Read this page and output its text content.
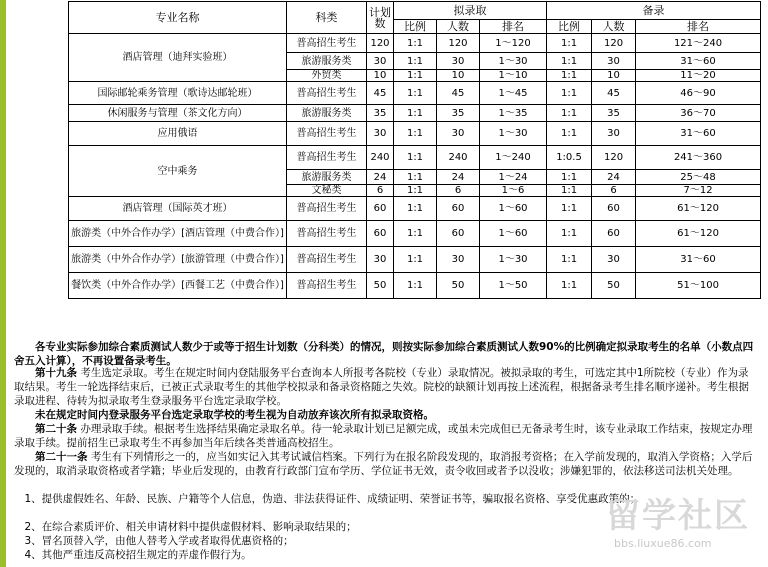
专业名称	科类	计划数	拟录取			备录		
			比例	人数	排名	比例	人数	排名
酒店管理（迪拜实验班）	普高招生考生	120	1:1	120	1～120	1:1	120	121～240
	旅游服务类	30	1:1	30	1～30	1:1	30	31～60
	外贸类	10	1:1	10	1～10	1:1	10	11～20
国际邮轮乘务管理（歌诗达邮轮班）	普高招生考生	45	1:1	45	1～45	1:1	45	46～90
休闲服务与管理（茶文化方向）	旅游服务类	35	1:1	35	1～35	1:1	35	36～70
应用俄语	普高招生考生	30	1:1	30	1～30	1:1	30	31～60
空中乘务	普高招生考生	240	1:1	240	1～240	1:0.5	120	241～360
	旅游服务类	24	1:1	24	1～24	1:1	24	25～48
	文秘类	6	1:1	6	1～6	1:1	6	7～12
酒店管理（国际英才班）	普高招生考生	60	1:1	60	1～60	1:1	60	61～120
旅游类（中外合作办学）[酒店管理（中费合作）]	普高招生考生	60	1:1	60	1～60	1:1	60	61～120
旅游类（中外合作办学）[旅游管理（中费合作）]	普高招生考生	30	1:1	30	1～30	1:1	30	31～60
餐饮类（中外合作办学）[西餐工艺（中费合作）]	普高招生考生	50	1:1	50	1～50	1:1	50	51～100
各专业实际参加综合素质测试人数少于或等于招生计划数（分科类）的情况，则按实际参加综合素质测试人数90%的比例确定拟录取考生的名单（小数点四舍五入计算），不再设置备录考生。
第十九条 考生选定录取。考生在规定时间内登陆服务平台查询本人所报考各院校（专业）录取情况。被拟录取的考生，可选定其中1所院校（专业）作为录取结果。考生一轮选择结束后，已被正式录取考生的其他学校拟录和备录资格随之失效。院校的缺额计划再按上述流程，根据备录考生排名顺序递补。考生根据录取进程、待转为拟录取考生登录服务平台选定录取学校。
未在规定时间内登录服务平台选定录取学校的考生视为自动放弃该次所有拟录取资格。
第二十条 办理录取手续。根据考生选择结果确定录取名单。待一轮录取计划已足额完成，或虽未完成但已无备录考生时，该专业录取工作结束，按规定办理录取手续。提前招生已录取考生不再参加当年后续各类普通高校招生。
第二十一条 考生有下列情形之一的，应当如实记入其考试诚信档案。下列行为在报名阶段发现的，取消报考资格；在入学前发现的，取消入学资格；入学后发现的，取消录取资格或者学籍；毕业后发现的，由教育行政部门宣布学历、学位证书无效，责令收回或者予以没收；涉嫌犯罪的，依法移送司法机关处理。
1、提供虚假姓名、年龄、民族、户籍等个人信息，伪造、非法获得证件、成绩证明、荣誉证书等，骗取报名资格、享受优惠政策的；
2、在综合素质评价、相关申请材料中提供虚假材料、影响录取结果的；
3、冒名顶替入学，由他人替考入学或者取得优惠资格的；
4、其他严重违反高校招生规定的弄虚作假行为。
留学社区
bbs.liuxue86.com
